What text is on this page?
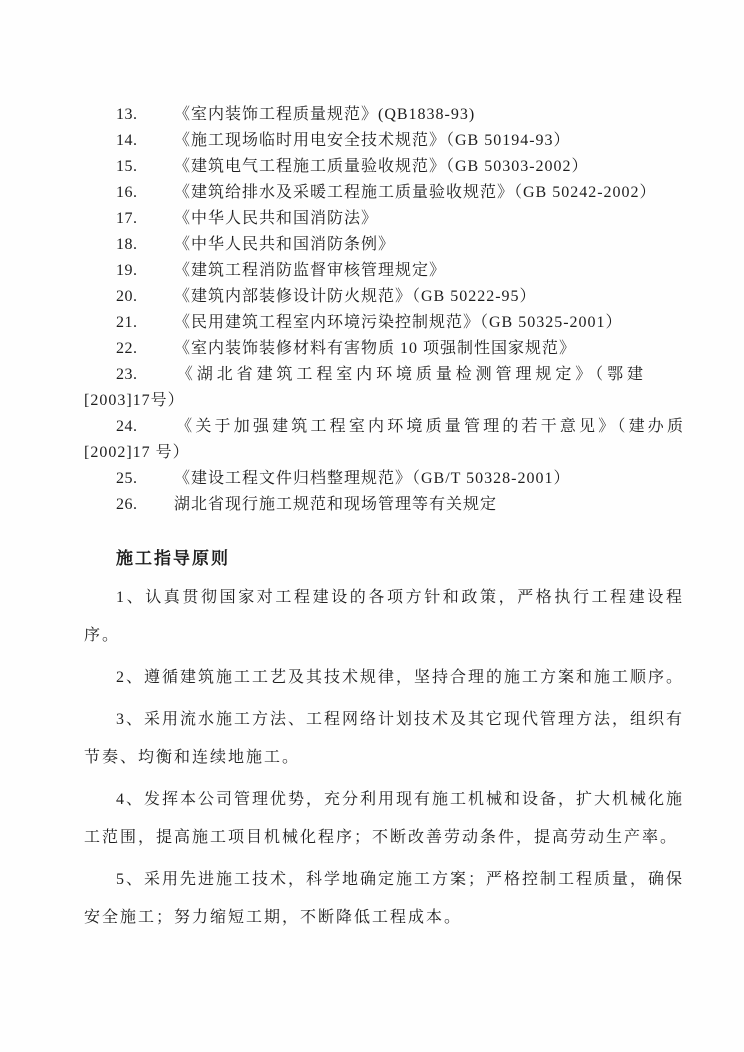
13. 《室内装饰工程质量规范》(QB1838-93)

14. 《施工现场临时用电安全技术规范》（GB 50194-93）

15. 《建筑电气工程施工质量验收规范》（GB 50303-2002）

16. 《建筑给排水及采暖工程施工质量验收规范》（GB 50242-2002）

17. 《中华人民共和国消防法》

18. 《中华人民共和国消防条例》

19. 《建筑工程消防监督审核管理规定》

20. 《建筑内部装修设计防火规范》（GB 50222-95）

21. 《民用建筑工程室内环境污染控制规范》（GB 50325-2001）

22. 《室内装饰装修材料有害物质 10 项强制性国家规范》

23. 《湖北省建筑工程室内环境质量检测管理规定》（鄂建[2003]17号）

24. 《关于加强建筑工程室内环境质量管理的若干意见》（建办质[2002]17 号）

25. 《建设工程文件归档整理规范》（GB/T 50328-2001）

26. 湖北省现行施工规范和现场管理等有关规定

施工指导原则

1、认真贯彻国家对工程建设的各项方针和政策，严格执行工程建设程序。

2、遵循建筑施工工艺及其技术规律，坚持合理的施工方案和施工顺序。

3、采用流水施工方法、工程网络计划技术及其它现代管理方法，组织有节奏、均衡和连续地施工。

4、发挥本公司管理优势，充分利用现有施工机械和设备，扩大机械化施工范围，提高施工项目机械化程序；不断改善劳动条件，提高劳动生产率。

5、采用先进施工技术，科学地确定施工方案；严格控制工程质量，确保安全施工；努力缩短工期，不断降低工程成本。
